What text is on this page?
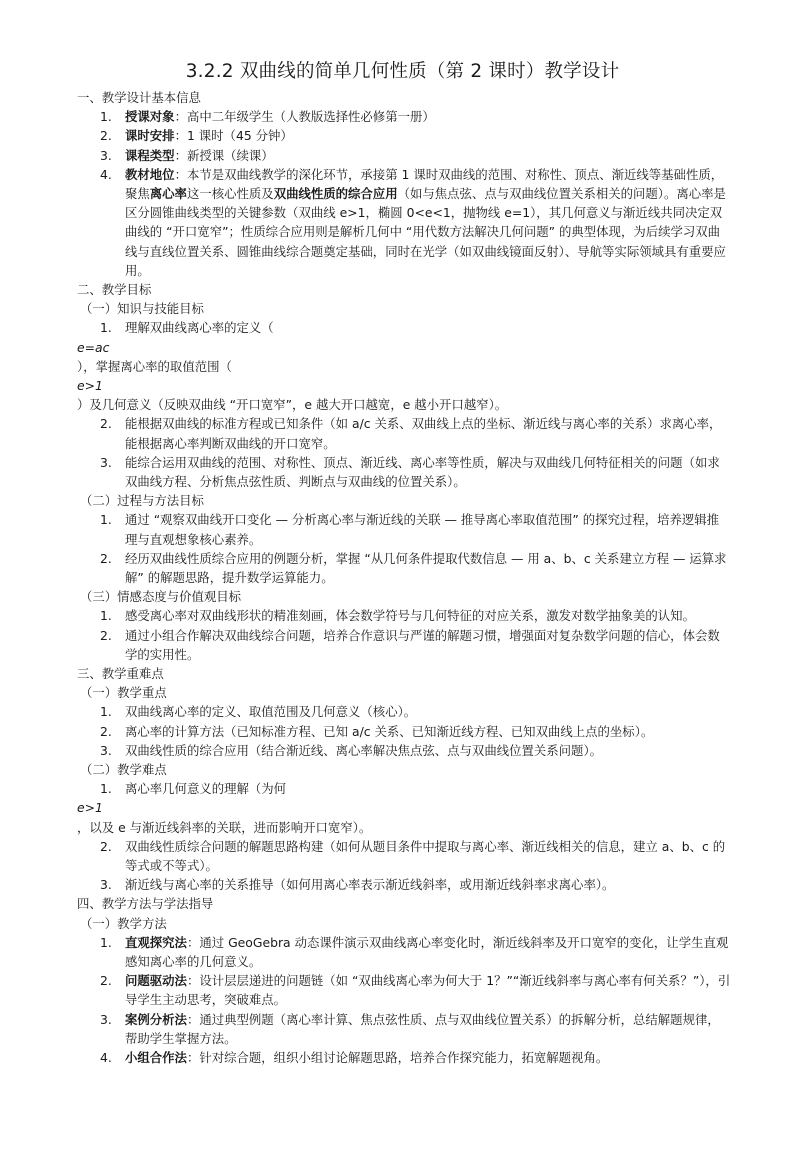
3.2.2 双曲线的简单几何性质（第 2 课时）教学设计
一、教学设计基本信息
1. 授课对象：高中二年级学生（人教版选择性必修第一册）
2. 课时安排：1 课时（45 分钟）
3. 课程类型：新授课（续课）
4. 教材地位：本节是双曲线教学的深化环节，承接第 1 课时双曲线的范围、对称性、顶点、渐近线等基础性质，聚焦离心率这一核心性质及双曲线性质的综合应用（如与焦点弦、点与双曲线位置关系相关的问题）。离心率是区分圆锥曲线类型的关键参数（双曲线 e>1，椭圆 0<e<1，抛物线 e=1），其几何意义与渐近线共同决定双曲线的 “开口宽窄”；性质综合应用则是解析几何中 “用代数方法解决几何问题” 的典型体现，为后续学习双曲线与直线位置关系、圆锥曲线综合题奠定基础，同时在光学（如双曲线镜面反射）、导航等实际领域具有重要应用。

二、教学目标
（一）知识与技能目标
1. 理解双曲线离心率的定义（
e=ac
），掌握离心率的取值范围（
e>1
）及几何意义（反映双曲线 “开口宽窄”，e 越大开口越宽，e 越小开口越窄）。
2. 能根据双曲线的标准方程或已知条件（如 a/c 关系、双曲线上点的坐标、渐近线与离心率的关系）求离心率，能根据离心率判断双曲线的开口宽窄。

3. 能综合运用双曲线的范围、对称性、顶点、渐近线、离心率等性质，解决与双曲线几何特征相关的问题（如求双曲线方程、分析焦点弦性质、判断点与双曲线的位置关系）。

（二）过程与方法目标
1. 通过 “观察双曲线开口变化 — 分析离心率与渐近线的关联 — 推导离心率取值范围” 的探究过程，培养逻辑推理与直观想象核心素养。

2. 经历双曲线性质综合应用的例题分析，掌握 “从几何条件提取代数信息 — 用 a、b、c 关系建立方程 — 运算求解” 的解题思路，提升数学运算能力。

（三）情感态度与价值观目标
1. 感受离心率对双曲线形状的精准刻画，体会数学符号与几何特征的对应关系，激发对数学抽象美的认知。

2. 通过小组合作解决双曲线综合问题，培养合作意识与严谨的解题习惯，增强面对复杂数学问题的信心，体会数学的实用性。

三、教学重难点
（一）教学重点
1. 双曲线离心率的定义、取值范围及几何意义（核心）。
2. 离心率的计算方法（已知标准方程、已知 a/c 关系、已知渐近线方程、已知双曲线上点的坐标）。
3. 双曲线性质的综合应用（结合渐近线、离心率解决焦点弦、点与双曲线位置关系问题）。
（二）教学难点
1. 离心率几何意义的理解（为何
e>1
，以及 e 与渐近线斜率的关联，进而影响开口宽窄）。
2. 双曲线性质综合问题的解题思路构建（如何从题目条件中提取与离心率、渐近线相关的信息，建立 a、b、c 的等式或不等式）。

3. 渐近线与离心率的关系推导（如何用离心率表示渐近线斜率，或用渐近线斜率求离心率）。
四、教学方法与学法指导
（一）教学方法
1. 直观探究法：通过 GeoGebra 动态课件演示双曲线离心率变化时，渐近线斜率及开口宽窄的变化，让学生直观感知离心率的几何意义。

2. 问题驱动法：设计层层递进的问题链（如 “双曲线离心率为何大于 1？”“渐近线斜率与离心率有何关系？”），引导学生主动思考，突破难点。

3. 案例分析法：通过典型例题（离心率计算、焦点弦性质、点与双曲线位置关系）的拆解分析，总结解题规律，帮助学生掌握方法。

4. 小组合作法：针对综合题，组织小组讨论解题思路，培养合作探究能力，拓宽解题视角。
